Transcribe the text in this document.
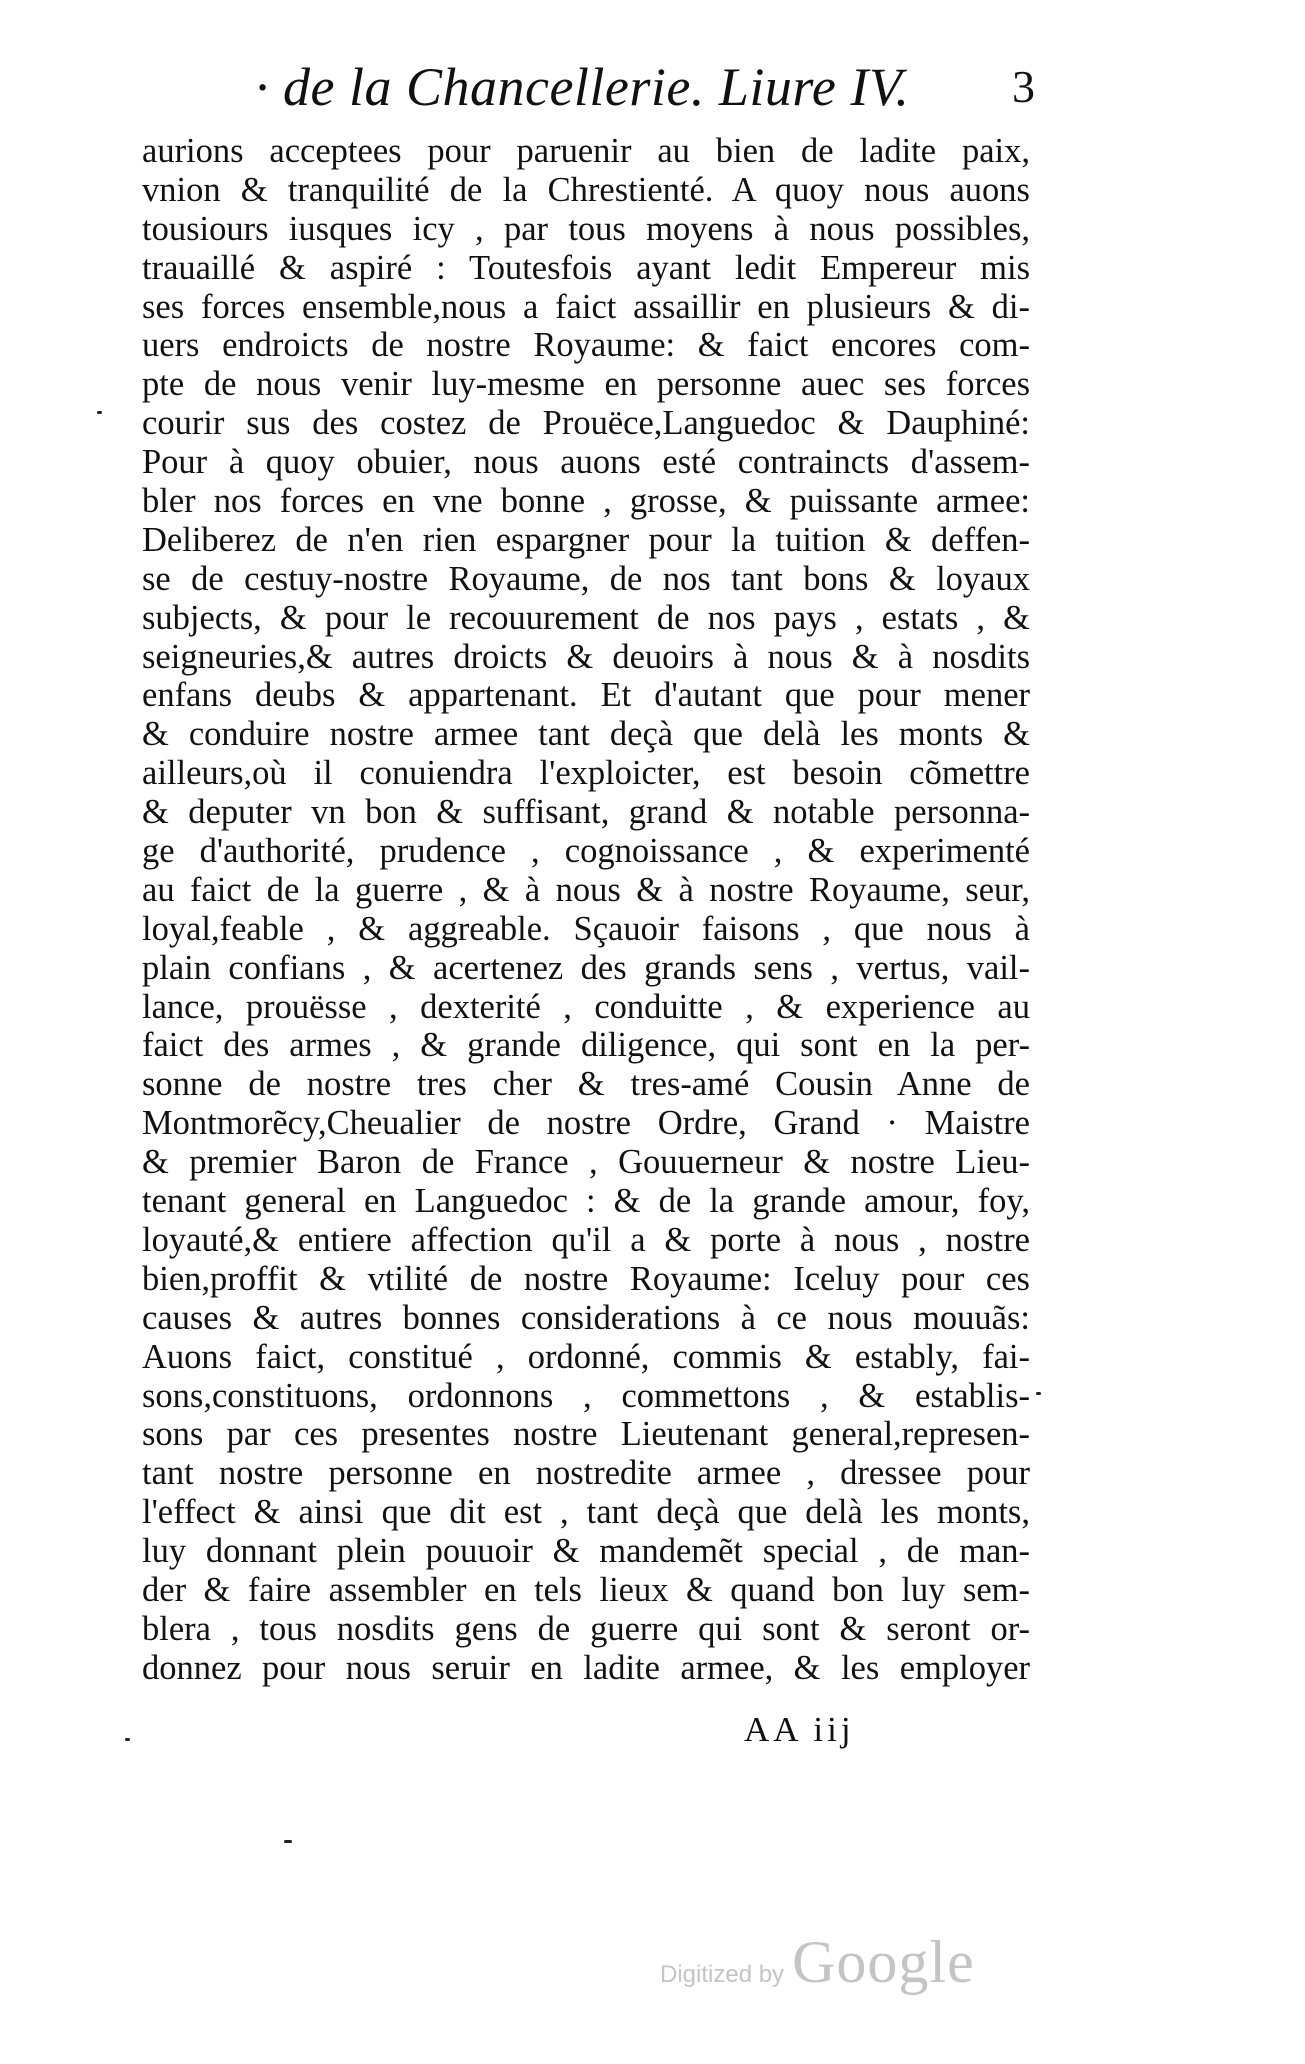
· de la Chancellerie. Liure IV. 3
aurions acceptees pour paruenir au bien de ladite paix,
vnion & tranquilité de la Chrestienté. A quoy nous auons
tousiours iusques icy , par tous moyens à nous possibles,
trauaillé & aspiré : Toutesfois ayant ledit Empereur mis
ses forces ensemble,nous a faict assaillir en plusieurs & di-
uers endroicts de nostre Royaume: & faict encores com-
pte de nous venir luy-mesme en personne auec ses forces
courir sus des costez de Prouëce,Languedoc & Dauphiné:
Pour à quoy obuier, nous auons esté contraincts d'assem-
bler nos forces en vne bonne , grosse, & puissante armee:
Deliberez de n'en rien espargner pour la tuition & deffen-
se de cestuy-nostre Royaume, de nos tant bons & loyaux
subjects, & pour le recouurement de nos pays , estats , &
seigneuries,& autres droicts & deuoirs à nous & à nosdits
enfans deubs & appartenant. Et d'autant que pour mener
& conduire nostre armee tant deçà que delà les monts &
ailleurs,où il conuiendra l'exploicter, est besoin cõmettre
& deputer vn bon & suffisant, grand & notable personna-
ge d'authorité, prudence , cognoissance , & experimenté
au faict de la guerre , & à nous & à nostre Royaume, seur,
loyal,feable , & aggreable. Sçauoir faisons , que nous à
plain confians , & acertenez des grands sens , vertus, vail-
lance, prouësse , dexterité , conduitte , & experience au
faict des armes , & grande diligence, qui sont en la per-
sonne de nostre tres cher & tres-amé Cousin Anne de
Montmorẽcy,Cheualier de nostre Ordre, Grand · Maistre
& premier Baron de France , Gouuerneur & nostre Lieu-
tenant general en Languedoc : & de la grande amour, foy,
loyauté,& entiere affection qu'il a & porte à nous , nostre
bien,proffit & vtilité de nostre Royaume: Iceluy pour ces
causes & autres bonnes considerations à ce nous mouuãs:
Auons faict, constitué , ordonné, commis & estably, fai-
sons,constituons, ordonnons , commettons , & establis-
sons par ces presentes nostre Lieutenant general,represen-
tant nostre personne en nostredite armee , dressee pour
l'effect & ainsi que dit est , tant deçà que delà les monts,
luy donnant plein pouuoir & mandemẽt special , de man-
der & faire assembler en tels lieux & quand bon luy sem-
blera , tous nosdits gens de guerre qui sont & seront or-
donnez pour nous seruir en ladite armee, & les employer
AA iij
Digitized by Google
